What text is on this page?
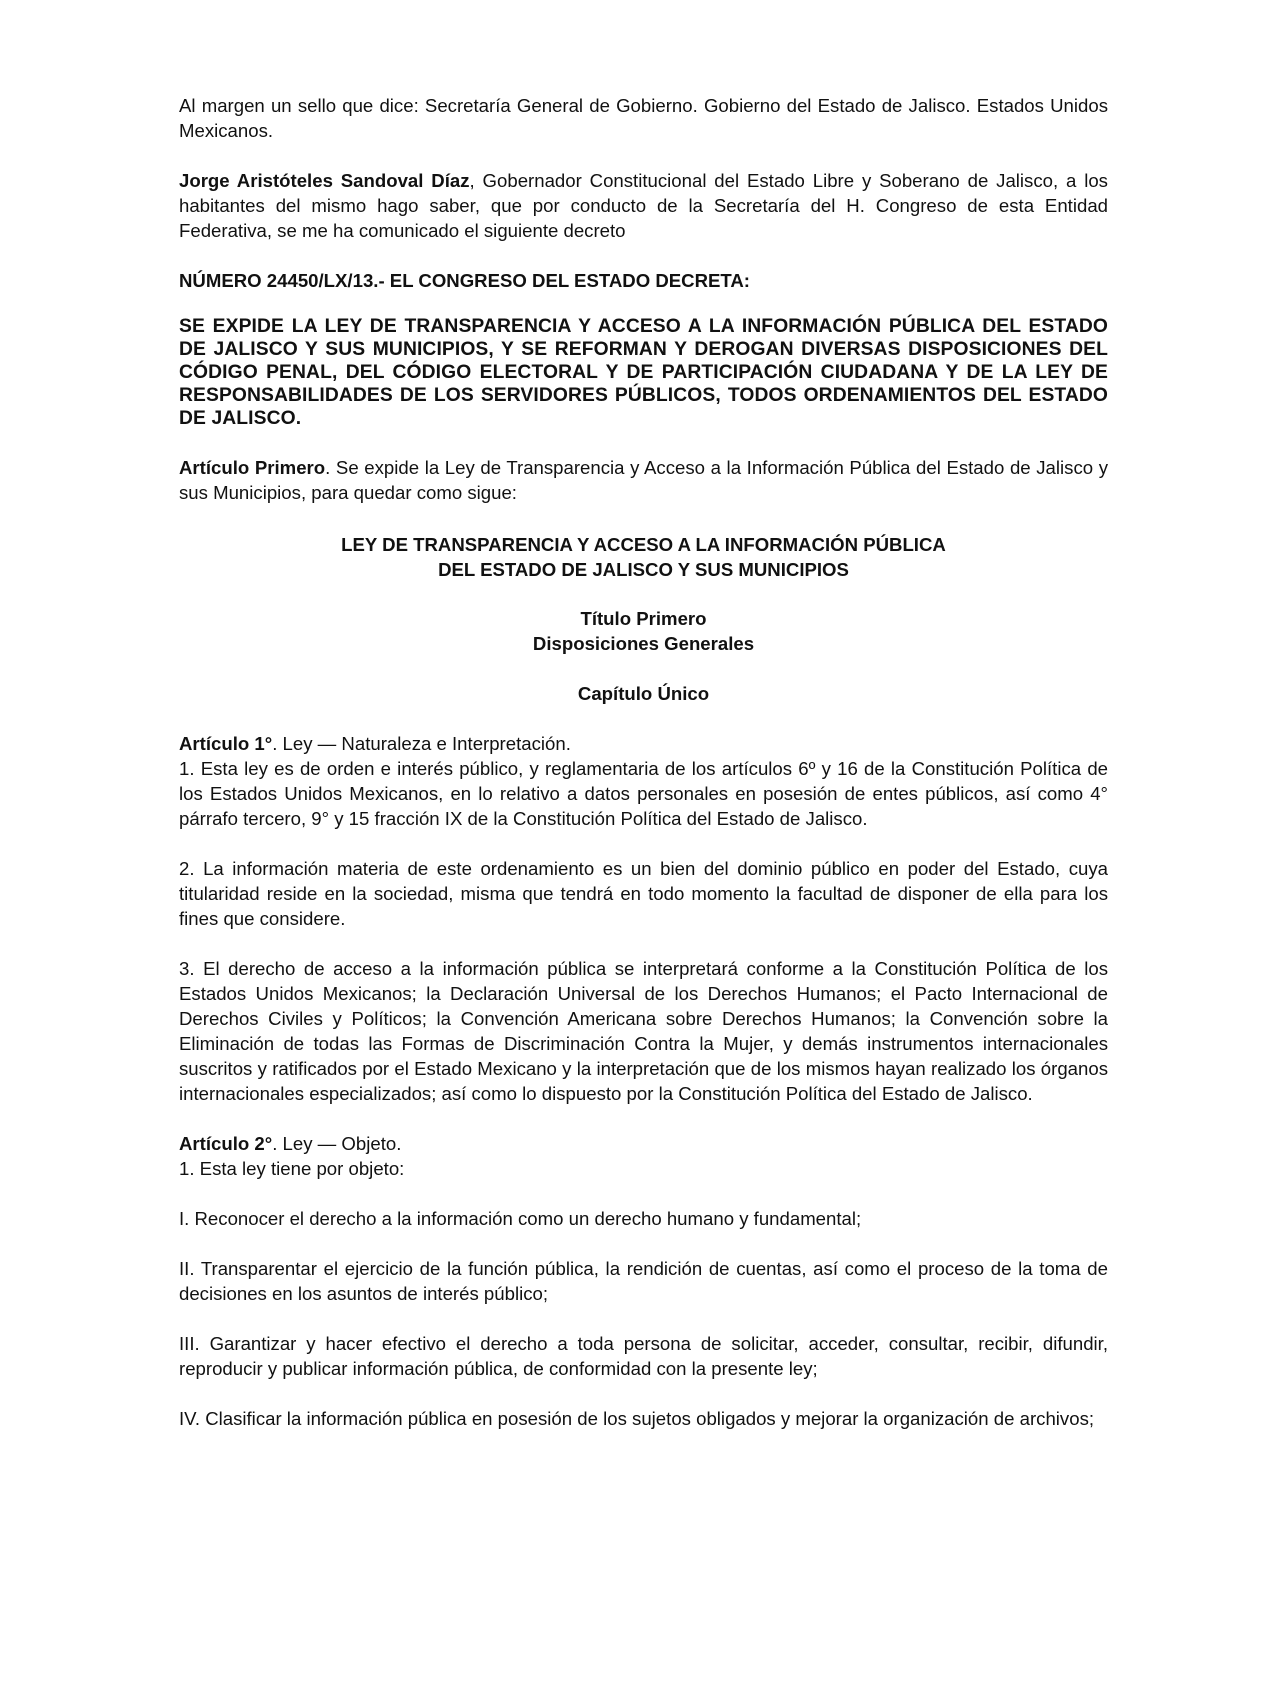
Al margen un sello que dice: Secretaría General de Gobierno. Gobierno del Estado de Jalisco. Estados Unidos Mexicanos.

Jorge Aristóteles Sandoval Díaz, Gobernador Constitucional del Estado Libre y Soberano de Jalisco, a los habitantes del mismo hago saber, que por conducto de la Secretaría del H. Congreso de esta Entidad Federativa, se me ha comunicado el siguiente decreto

NÚMERO 24450/LX/13.- EL CONGRESO DEL ESTADO DECRETA:

SE EXPIDE LA LEY DE TRANSPARENCIA Y ACCESO A LA INFORMACIÓN PÚBLICA DEL ESTADO DE JALISCO Y SUS MUNICIPIOS, Y SE REFORMAN Y DEROGAN DIVERSAS DISPOSICIONES DEL CÓDIGO PENAL, DEL CÓDIGO ELECTORAL Y DE PARTICIPACIÓN CIUDADANA Y DE LA LEY DE RESPONSABILIDADES DE LOS SERVIDORES PÚBLICOS, TODOS ORDENAMIENTOS DEL ESTADO DE JALISCO.

Artículo Primero. Se expide la Ley de Transparencia y Acceso a la Información Pública del Estado de Jalisco y sus Municipios, para quedar como sigue:

LEY DE TRANSPARENCIA Y ACCESO A LA INFORMACIÓN PÚBLICA
DEL ESTADO DE JALISCO Y SUS MUNICIPIOS
Título Primero
Disposiciones Generales
Capítulo Único

Artículo 1°. Ley — Naturaleza e Interpretación.

1. Esta ley es de orden e interés público, y reglamentaria de los artículos 6º y 16 de la Constitución Política de los Estados Unidos Mexicanos, en lo relativo a datos personales en posesión de entes públicos, así como 4° párrafo tercero, 9° y 15 fracción IX de la Constitución Política del Estado de Jalisco.

2. La información materia de este ordenamiento es un bien del dominio público en poder del Estado, cuya titularidad reside en la sociedad, misma que tendrá en todo momento la facultad de disponer de ella para los fines que considere.

3. El derecho de acceso a la información pública se interpretará conforme a la Constitución Política de los Estados Unidos Mexicanos; la Declaración Universal de los Derechos Humanos; el Pacto Internacional de Derechos Civiles y Políticos; la Convención Americana sobre Derechos Humanos; la Convención sobre la Eliminación de todas las Formas de Discriminación Contra la Mujer, y demás instrumentos internacionales suscritos y ratificados por el Estado Mexicano y la interpretación que de los mismos hayan realizado los órganos internacionales especializados; así como lo dispuesto por la Constitución Política del Estado de Jalisco.

Artículo 2°. Ley — Objeto.

1. Esta ley tiene por objeto:

I. Reconocer el derecho a la información como un derecho humano y fundamental;

II. Transparentar el ejercicio de la función pública, la rendición de cuentas, así como el proceso de la toma de decisiones en los asuntos de interés público;

III. Garantizar y hacer efectivo el derecho a toda persona de solicitar, acceder, consultar, recibir, difundir, reproducir y publicar información pública, de conformidad con la presente ley;

IV. Clasificar la información pública en posesión de los sujetos obligados y mejorar la organización de archivos;
